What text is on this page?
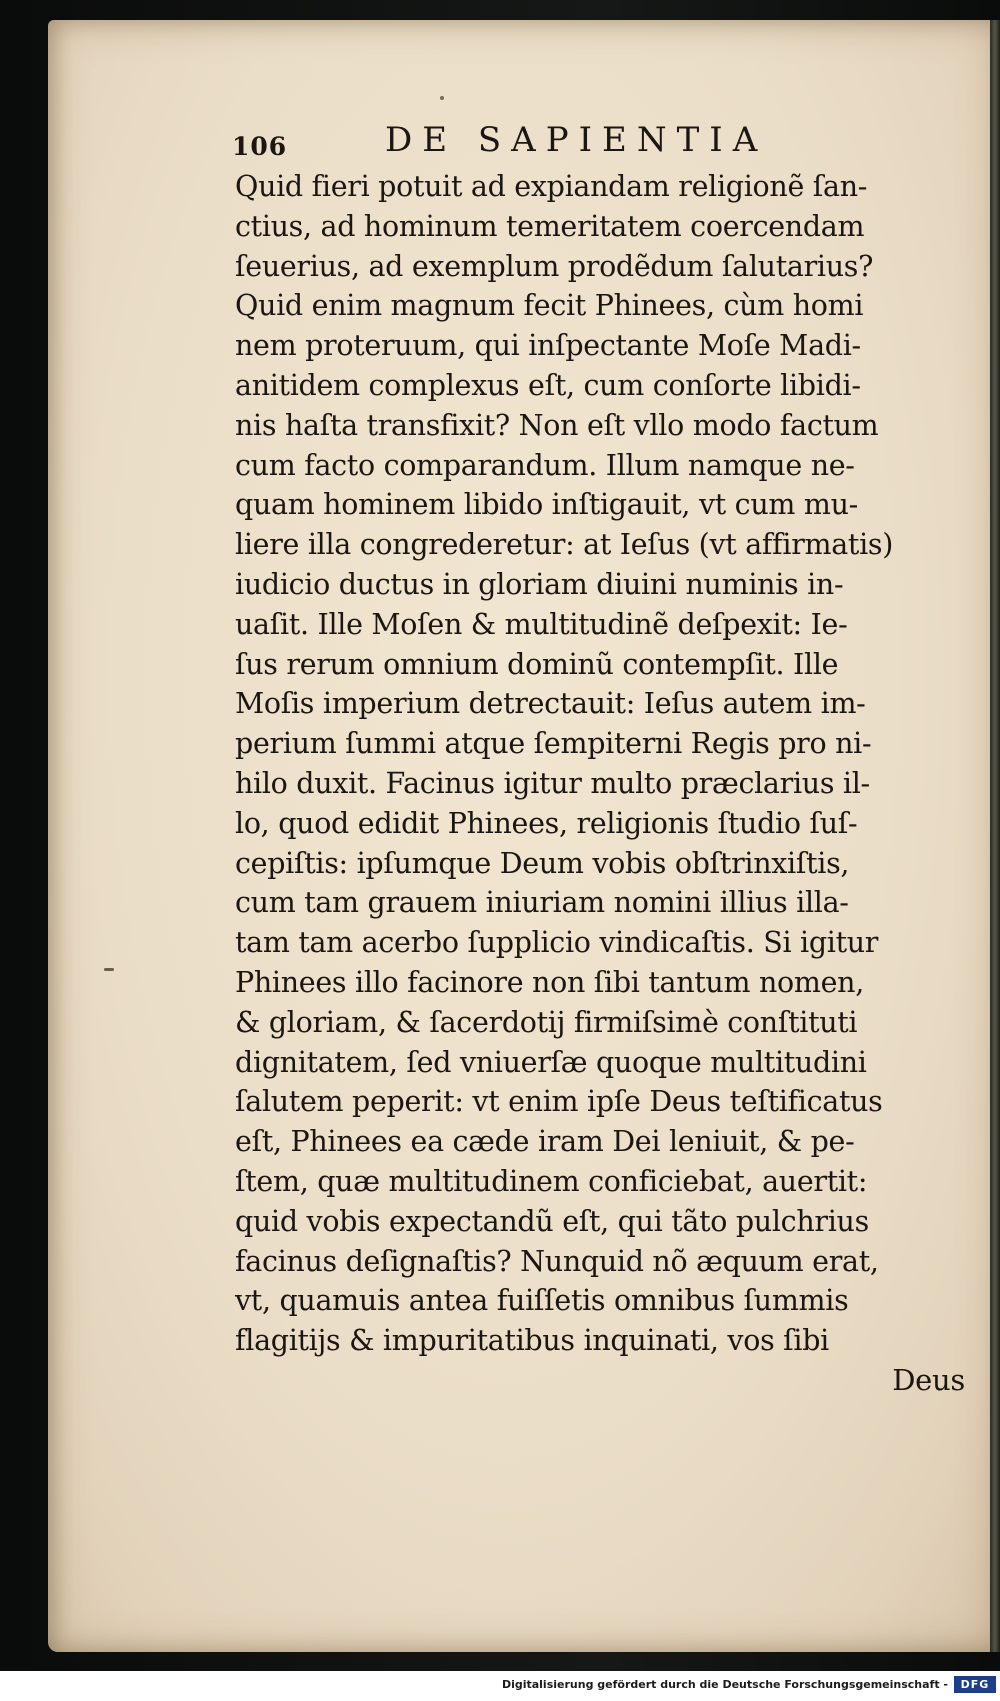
106	DE SAPIENTIA
Quid fieri potuit ad expiandam religionẽ ſan-
ctius, ad hominum temeritatem coercendam
ſeuerius, ad exemplum prodẽdum ſalutarius?
Quid enim magnum fecit Phinees, cùm homi
nem proteruum, qui inſpectante Moſe Madi-
anitidem complexus eſt, cum conſorte libidi-
nis haſta transfixit? Non eſt vllo modo factum
cum facto comparandum. Illum namque ne-
quam hominem libido inſtigauit, vt cum mu-
liere illa congrederetur: at Ieſus (vt affirmatis)
iudicio ductus in gloriam diuini numinis in-
uaſit. Ille Moſen & multitudinẽ deſpexit: Ie-
ſus rerum omnium dominũ contempſit. Ille
Moſis imperium detrectauit: Ieſus autem im-
perium ſummi atque ſempiterni Regis pro ni-
hilo duxit. Facinus igitur multo præclarius il-
lo, quod edidit Phinees, religionis ſtudio ſuſ-
cepiſtis: ipſumque Deum vobis obſtrinxiſtis,
cum tam grauem iniuriam nomini illius illa-
tam tam acerbo ſupplicio vindicaſtis. Si igitur
Phinees illo facinore non ſibi tantum nomen,
& gloriam, & ſacerdotij firmiſsimè conſtituti
dignitatem, ſed vniuerſæ quoque multitudini
ſalutem peperit: vt enim ipſe Deus teſtificatus
eſt, Phinees ea cæde iram Dei leniuit, & pe-
ſtem, quæ multitudinem conficiebat, auertit:
quid vobis expectandũ eſt, qui tãto pulchrius
facinus deſignaſtis? Nunquid nõ æquum erat,
vt, quamuis antea fuiſſetis omnibus ſummis
flagitijs & impuritatibus inquinati, vos ſibi
Deus
Digitalisierung gefördert durch die Deutsche Forschungsgemeinschaft -	DFG
